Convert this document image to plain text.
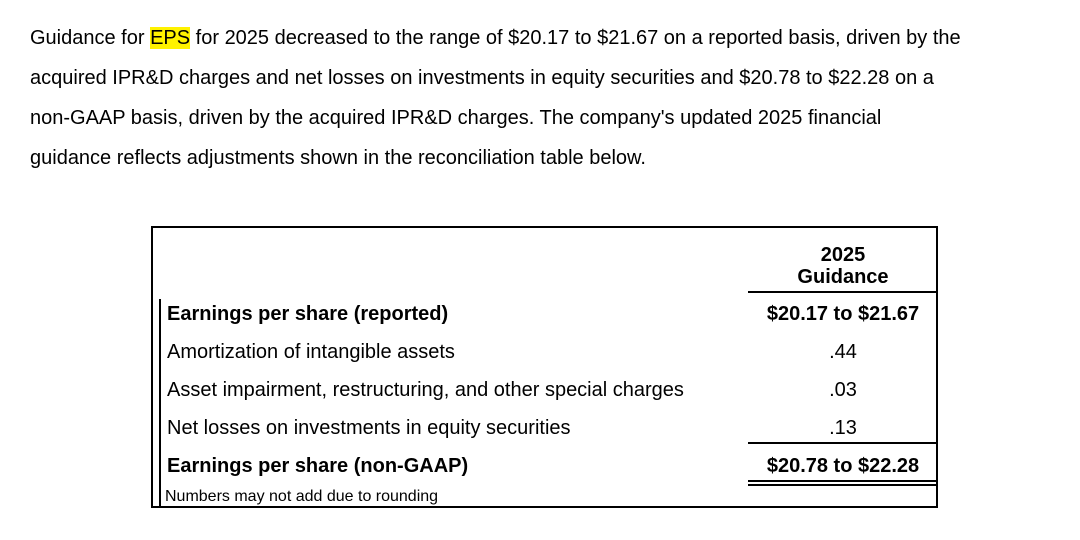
Guidance for EPS for 2025 decreased to the range of $20.17 to $21.67 on a reported basis, driven by the
acquired IPR&D charges and net losses on investments in equity securities and $20.78 to $22.28 on a
non-GAAP basis, driven by the acquired IPR&D charges. The company's updated 2025 financial
guidance reflects adjustments shown in the reconciliation table below.
Earnings per share (reported)
Amortization of intangible assets
Asset impairment, restructuring, and other special charges
Net losses on investments in equity securities
Earnings per share (non-GAAP)
Numbers may not add due to rounding
2025
Guidance
$20.17 to $21.67
.44
.03
.13
$20.78 to $22.28
